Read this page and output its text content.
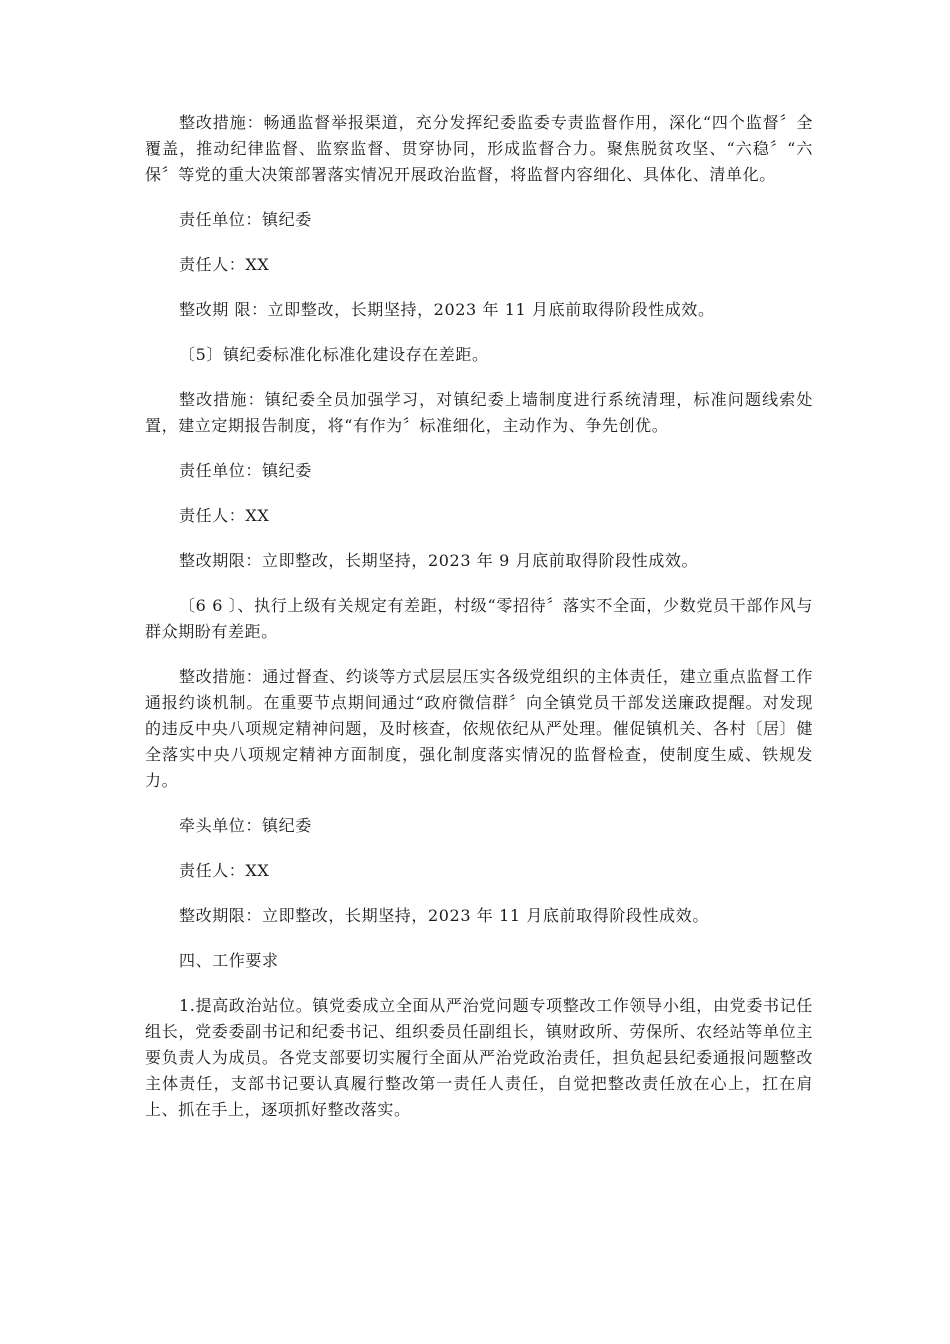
整改措施：畅通监督举报渠道，充分发挥纪委监委专责监督作用，深化“四个监督〞全覆盖，推动纪律监督、监察监督、贯穿协同，形成监督合力。聚焦脱贫攻坚、“六稳〞“六保〞等党的重大决策部署落实情况开展政治监督，将监督内容细化、具体化、清单化。

责任单位：镇纪委

责任人：XX

整改期 限：立即整改，长期坚持，2023 年 11 月底前取得阶段性成效。

〔5〕镇纪委标准化标准化建设存在差距。

整改措施：镇纪委全员加强学习，对镇纪委上墙制度进行系统清理，标准问题线索处置，建立定期报告制度，将“有作为〞标准细化，主动作为、争先创优。

责任单位：镇纪委

责任人：XX

整改期限：立即整改，长期坚持，2023 年 9 月底前取得阶段性成效。

〔6 6 〕、执行上级有关规定有差距，村级“零招待〞落实不全面，少数党员干部作风与群众期盼有差距。

整改措施：通过督查、约谈等方式层层压实各级党组织的主体责任，建立重点监督工作通报约谈机制。在重要节点期间通过“政府微信群〞向全镇党员干部发送廉政提醒。对发现的违反中央八项规定精神问题，及时核查，依规依纪从严处理。催促镇机关、各村〔居〕健全落实中央八项规定精神方面制度，强化制度落实情况的监督检查，使制度生威、铁规发力。

牵头单位：镇纪委

责任人：XX

整改期限：立即整改，长期坚持，2023 年 11 月底前取得阶段性成效。

四、工作要求

1.提高政治站位。镇党委成立全面从严治党问题专项整改工作领导小组，由党委书记任组长，党委委副书记和纪委书记、组织委员任副组长，镇财政所、劳保所、农经站等单位主要负责人为成员。各党支部要切实履行全面从严治党政治责任，担负起县纪委通报问题整改主体责任，支部书记要认真履行整改第一责任人责任，自觉把整改责任放在心上，扛在肩上、抓在手上，逐项抓好整改落实。
